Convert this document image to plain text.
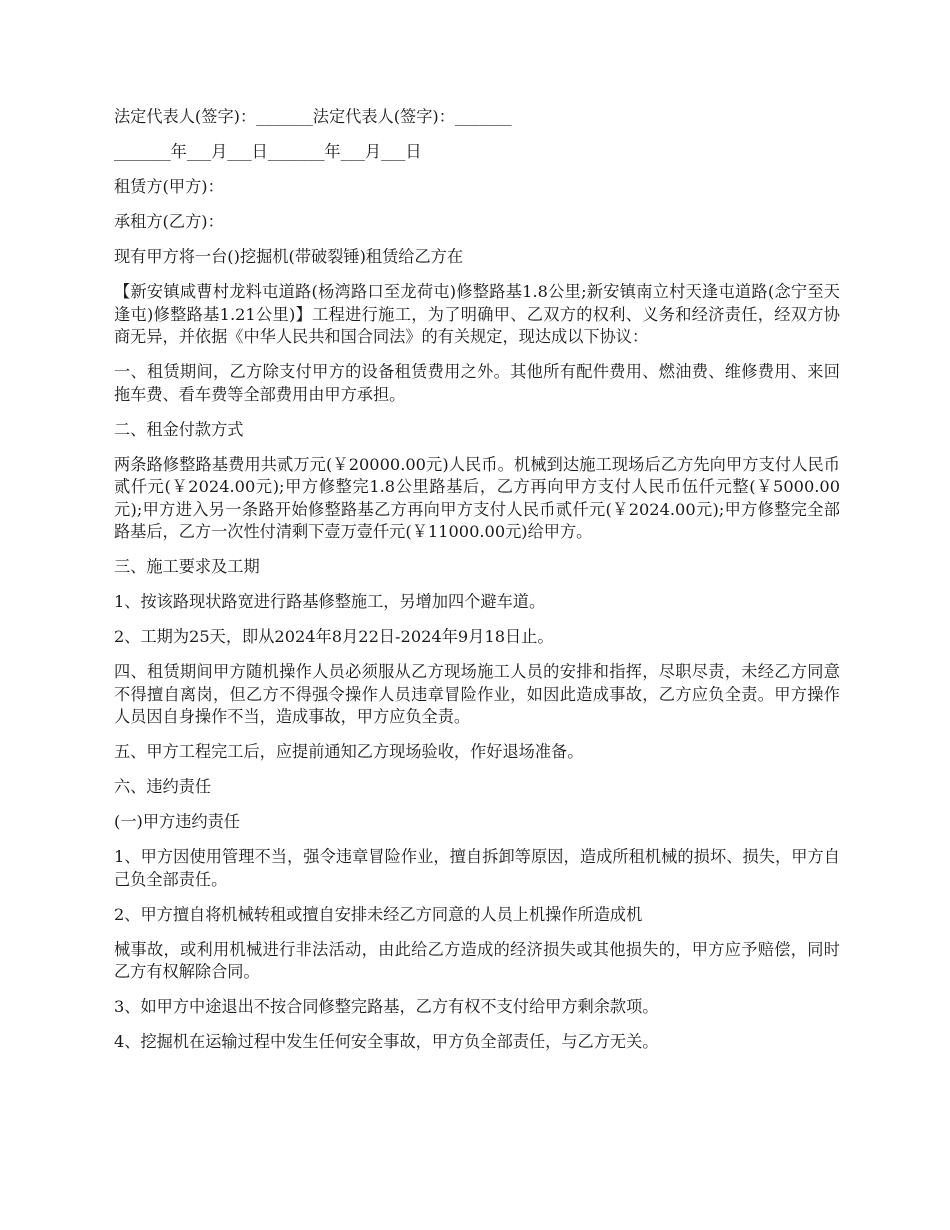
法定代表人(签字)：_______法定代表人(签字)：_______

_______年___月___日_______年___月___日

租赁方(甲方)：

承租方(乙方)：

现有甲方将一台()挖掘机(带破裂锤)租赁给乙方在

【新安镇咸曹村龙料屯道路(杨湾路口至龙荷屯)修整路基1.8公里;新安镇南立村天逢屯道路(念宁至天逢屯)修整路基1.21公里)】工程进行施工，为了明确甲、乙双方的权利、义务和经济责任，经双方协商无异，并依据《中华人民共和国合同法》的有关规定，现达成以下协议：

一、租赁期间，乙方除支付甲方的设备租赁费用之外。其他所有配件费用、燃油费、维修费用、来回拖车费、看车费等全部费用由甲方承担。

二、租金付款方式

两条路修整路基费用共贰万元(￥20000.00元)人民币。机械到达施工现场后乙方先向甲方支付人民币贰仟元(￥2024.00元);甲方修整完1.8公里路基后，乙方再向甲方支付人民币伍仟元整(￥5000.00元);甲方进入另一条路开始修整路基乙方再向甲方支付人民币贰仟元(￥2024.00元);甲方修整完全部路基后，乙方一次性付清剩下壹万壹仟元(￥11000.00元)给甲方。

三、施工要求及工期

1、按该路现状路宽进行路基修整施工，另增加四个避车道。

2、工期为25天，即从2024年8月22日-2024年9月18日止。

四、租赁期间甲方随机操作人员必须服从乙方现场施工人员的安排和指挥，尽职尽责，未经乙方同意不得擅自离岗，但乙方不得强令操作人员违章冒险作业，如因此造成事故，乙方应负全责。甲方操作人员因自身操作不当，造成事故，甲方应负全责。

五、甲方工程完工后，应提前通知乙方现场验收，作好退场准备。

六、违约责任

(一)甲方违约责任

1、甲方因使用管理不当，强令违章冒险作业，擅自拆卸等原因，造成所租机械的损坏、损失，甲方自己负全部责任。

2、甲方擅自将机械转租或擅自安排未经乙方同意的人员上机操作所造成机

械事故，或利用机械进行非法活动，由此给乙方造成的经济损失或其他损失的，甲方应予赔偿，同时乙方有权解除合同。

3、如甲方中途退出不按合同修整完路基，乙方有权不支付给甲方剩余款项。

4、挖掘机在运输过程中发生任何安全事故，甲方负全部责任，与乙方无关。
